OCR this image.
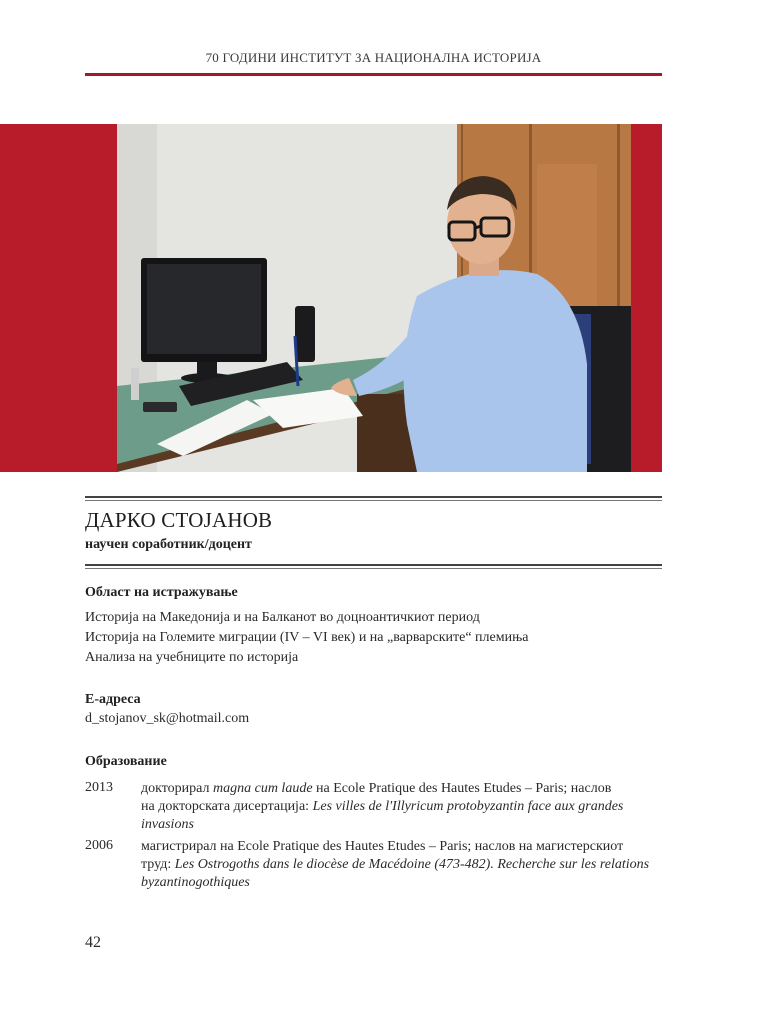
70 ГОДИНИ ИНСТИТУТ ЗА НАЦИОНАЛНА ИСТОРИЈА
ДАРКО СТОЈАНОВ
научен соработник/доцент
Област на истражување
Историја на Македонија и на Балканот во доцноантичкиот период
Историја на Големите миграции (IV – VI век) и на „варварските“ племиња
Анализа на учебниците по историја
Е-адреса
d_stojanov_sk@hotmail.com
Образование
2013 докторирал magna cum laude на Ecole Pratique des Hautes Etudes – Paris; наслов
на докторската дисертација: Les villes de l'Illyricum protobyzantin face aux grandes
invasions
2006 магистрирал на Ecole Pratique des Hautes Etudes – Paris; наслов на магистерскиот
труд: Les Ostrogoths dans le diocèse de Macédoine (473-482). Recherche sur les relations
byzantinogothiques
42
